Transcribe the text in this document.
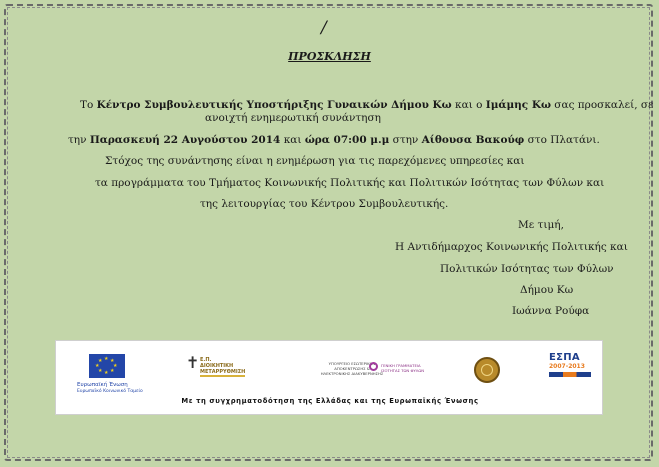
/
ΠΡΟΣΚΛΗΣΗ
Το Κέντρο Συμβουλευτικής Υποστήριξης Γυναικών Δήμου Κω και ο Ιμάμης Κω σας προσκαλεί, σε
ανοιχτή ενημερωτική συνάντηση
την Παρασκευή 22 Αυγούστου 2014 και ώρα 07:00 μ.μ στην Αίθουσα Βακούφ στο Πλατάνι.
Στόχος της συνάντησης είναι η ενημέρωση για τις παρεχόμενες υπηρεσίες και
τα προγράμματα του Τμήματος Κοινωνικής Πολιτικής και Πολιτικών Ισότητας των Φύλων και
της λειτουργίας του Κέντρου Συμβουλευτικής.
Με τιμή,
Η Αντιδήμαρχος Κοινωνικής Πολιτικής και
Πολιτικών Ισότητας των Φύλων
Δήμου Κω
Ιωάννα Ρούφα
★ ★
★
★
★
★
★
★
Ευρωπαϊκή Ένωση
Ευρωπαϊκό Κοινωνικό Ταμείο
✝ Ε.Π.
ΔΙΟΙΚΗΤΙΚΗ
ΜΕΤΑΡΡΥΘΜΙΣΗ
ΥΠΟΥΡΓΕΙΟ ΕΣΩΤΕΡΙΚΩΝ ΑΠΟΚΕΝΤΡΩΣΗΣ & ΗΛΕΚΤΡΟΝΙΚΗΣ ΔΙΑΚΥΒΕΡΝΗΣΗΣ
ΓΕΝΙΚΗ ΓΡΑΜΜΑΤΕΙΑ
ΙΣΟΤΗΤΑΣ ΤΩΝ ΦΥΛΩΝ
ΕΣΠΑ
2007-2013
Με τη συγχρηματοδότηση της Ελλάδας και της Ευρωπαϊκής Ένωσης
